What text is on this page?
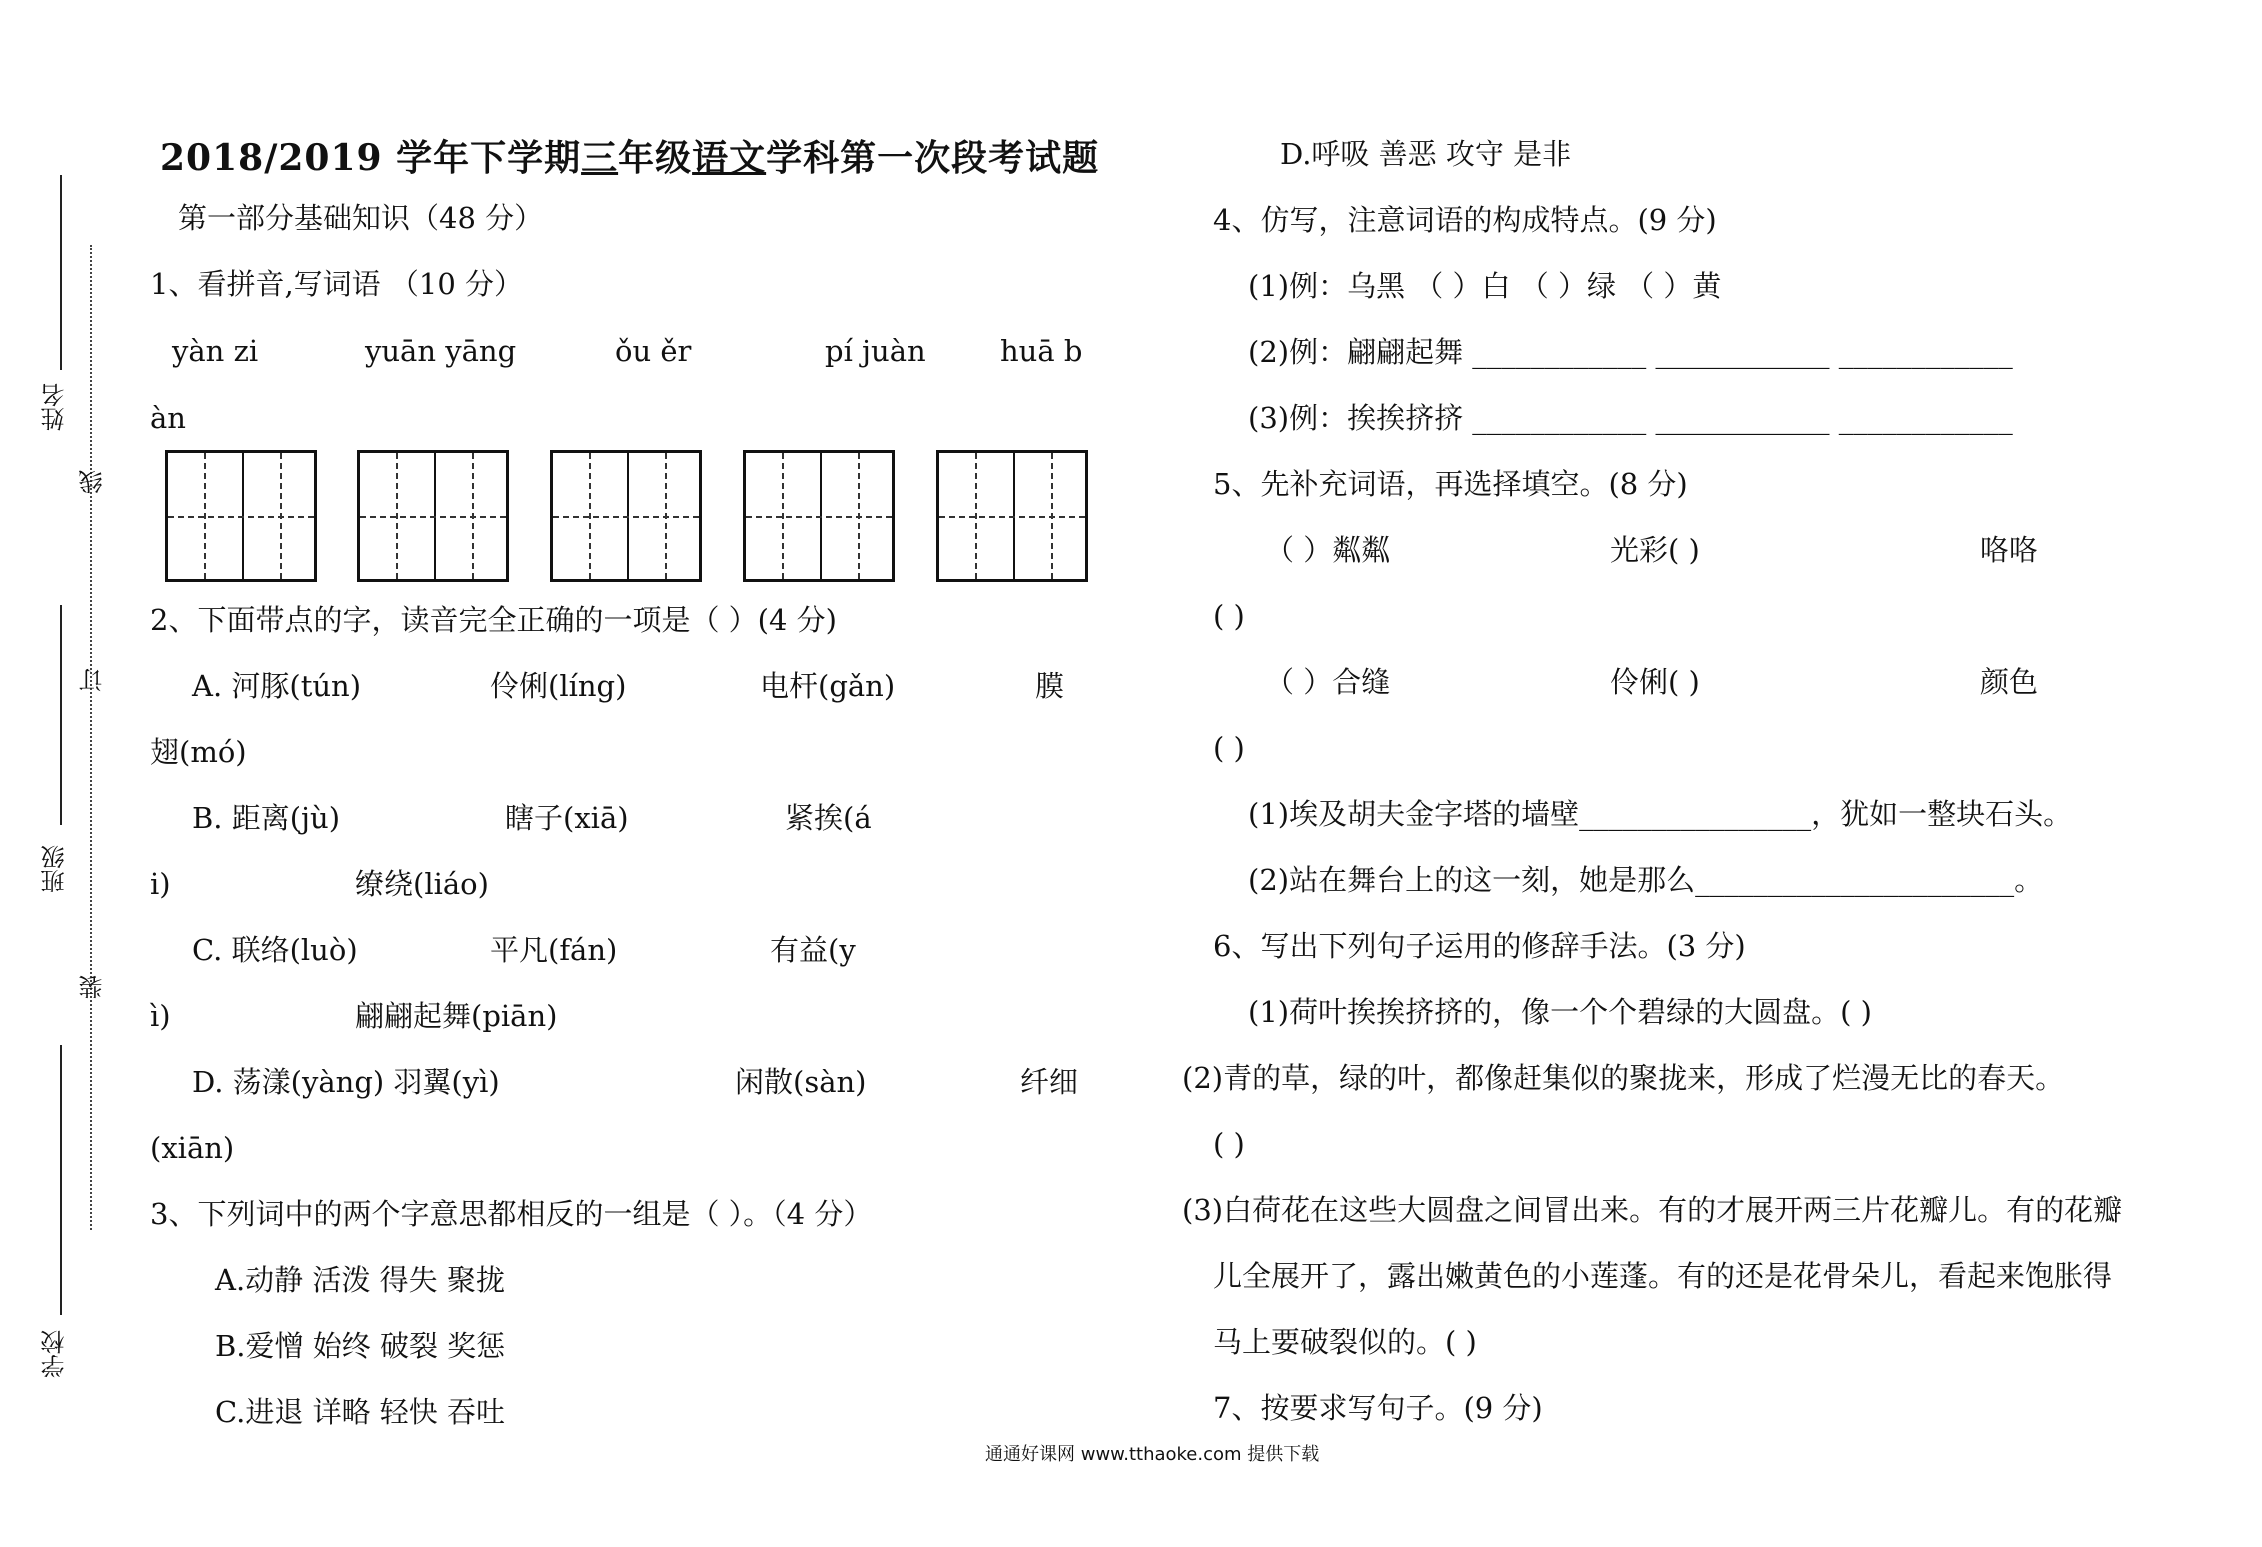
姓名
线
订
班级
装
学校
2018/2019 学年下学期三年级语文学科第一次段考试题
第一部分基础知识（48 分）
1、看拼音,写词语 （10 分）
yàn zi	yuān yāng	ǒu ěr	pí juàn	huā b
àn
2、下面带点的字，读音完全正确的一项是（ ）(4 分)
A. 河豚(tún)	伶俐(líng)	电杆(gǎn)	膜
翅(mó)
B. 距离(jù)	瞎子(xiā)	紧挨(á
i)	缭绕(liáo)
C. 联络(luò)	平凡(fán)	有益(y
ì)	翩翩起舞(piān)
D. 荡漾(yàng) 羽翼(yì)	闲散(sàn)	纤细
(xiān)
3、下列词中的两个字意思都相反的一组是（ ）。（4 分）
A.动静 活泼 得失 聚拢
B.爱憎 始终 破裂 奖惩
C.进退 详略 轻快 吞吐
D.呼吸 善恶 攻守 是非
4、仿写，注意词语的构成特点。(9 分)
(1)例：乌黑 （ ）白 （ ）绿 （ ）黄
(2)例：翩翩起舞 ____________ ____________ ____________
(3)例：挨挨挤挤 ____________ ____________ ____________
5、先补充词语，再选择填空。(8 分)
（ ）粼粼	光彩( )	咯咯
( )
（ ）合缝	伶俐( )	颜色
( )
(1)埃及胡夫金字塔的墙壁________________，犹如一整块石头。
(2)站在舞台上的这一刻，她是那么______________________。
6、写出下列句子运用的修辞手法。(3 分)
(1)荷叶挨挨挤挤的，像一个个碧绿的大圆盘。( )
(2)青的草，绿的叶，都像赶集似的聚拢来，形成了烂漫无比的春天。
( )
(3)白荷花在这些大圆盘之间冒出来。有的才展开两三片花瓣儿。有的花瓣
儿全展开了，露出嫩黄色的小莲蓬。有的还是花骨朵儿，看起来饱胀得
马上要破裂似的。( )
7、按要求写句子。(9 分)
通通好课网 www.tthaoke.com 提供下载
